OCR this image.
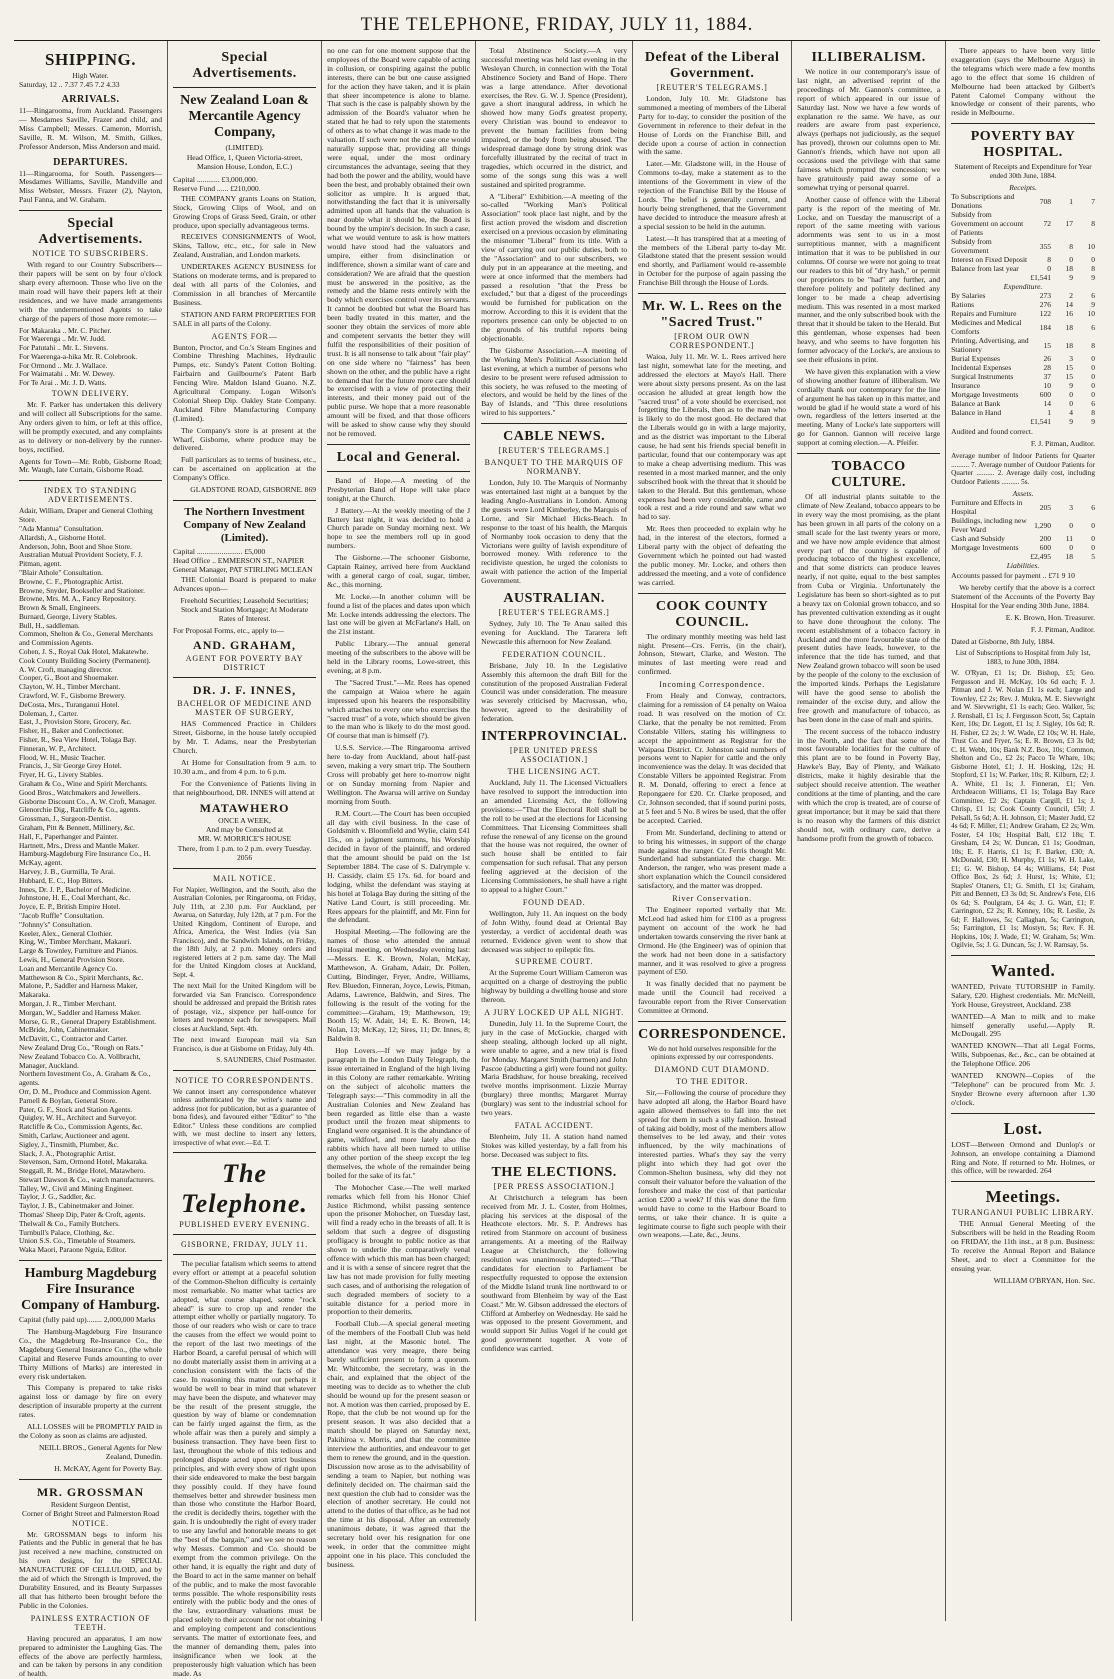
THE TELEPHONE, FRIDAY, JULY 11, 1884.
SHIPPING.
High Water.
Saturday, 12 .. 7.37 7.45 7.2 4.33
ARRIVALS.

11—Ringarooma, from Auckland. Passengers — Mesdames Saville, Frazer and child, and Miss Campbell; Messrs. Cameron, Morrish, Saville, R. M. Wilson, M. Smith, Gilkes, Professor Anderson, Miss Anderson and maid.

DEPARTURES.

11—Ringarooma, for South. Passengers—Mesdames Williams, Saville, Mandville and Miss Webster, Messrs. Frazer (2), Nayton, Paul Fanna, and W. Graham.

Special Advertisements.
NOTICE TO SUBSCRIBERS.

With regard to our Country Subscribers—their papers will be sent on by four o'clock sharp every afternoon. Those who live on the main road will have their papers left at their residences, and we have made arrangements with the undermentioned Agents to take charge of the papers of those more remote:—

For Makaraka .. Mr. C. Pitcher.
For Waerenga .. Mr. W. Judd.
For Patutahi .. Mr. L. Stevens.
For Waerenga-a-hika Mr. R. Colebrook.
For Ormond .. Mr. J. Wallace.
For Waimatahi .. Mr. W. Dewey.
For Te Arai .. Mr. J. D. Watts.
TOWN DELIVERY.

Mr. F. Parker has undertaken this delivery and will collect all Subscriptions for the same. Any orders given to him, or left at this office, will be promptly executed, and any complaints as to delivery or non-delivery by the runner-boys, rectified.

Agents for Town—Mr. Robb, Gisborne Road; Mr. Waugh, late Curtain, Gisborne Road.

INDEX TO STANDING ADVERTISEMENTS.
Adair, William, Draper and General Clothing Store.
"Ada Mantua" Consultation.
Allardsh, A., Gisborne Hotel.
Anderson, John, Boot and Shoe Store.
Australian Mutual Provident Society, F. J. Pitman, agent.
"Blair Athole" Consultation.
Browne, C. F., Photographic Artist.
Browne, Snyder, Bookseller and Stationer.
Browne, Mrs. M. A., Fancy Repository.
Brown & Small, Engineers.
Burnard, George, Livery Stables.
Bull, H., saddleman.
Common, Shelton & Co., General Merchants and Commission Agents.
Cohen, J. S., Royal Oak Hotel, Makatewhe.
Cook County Building Society (Permanent).
A. W. Croft, managing director.
Cooper, G., Boot and Shoemaker.
Clayton, W. H., Timber Merchant.
Crawford, W. F., Gisborne Brewery.
DeCosta, Mrs., Turanganui Hotel.
Doleman, J., Carter.
East, J., Provision Store, Grocery, &c.
Fisher, H., Baker and Confectioner.
Fisher, R., Sea View Hotel, Tolaga Bay.
Finneran, W. P., Architect.
Flood, W. H., Music Teacher.
Francis, J., Sir George Grey Hotel.
Fryer, H. G., Livery Stables.
Graham & Co., Wine and Spirit Merchants.
Good Bros., Watchmakers and Jewellers.
Gisborne Discount Co., A. W. Croft, Manager.
Glenorchie Dig., Ratcliffe & Co., agents.
Grossman, J., Surgeon-Dentist.
Graham, Pitt & Bennett, Millinery, &c.
Hall, F., Paperhanger and Painter.
Hartnett, Mrs., Dress and Mantle Maker.
Hamburg-Magdeburg Fire Insurance Co., H. McKay, agent.
Harvey, J. B., Gurmilla, Te Arai.
Hubbard, E. C., Hop Bitters.
Innes, Dr. J. P., Bachelor of Medicine.
Johnstone, H. E., Coal Merchant, &c.
Joyce, E. P., British Empire Hotel.
"Jacob Ruffle" Consultation.
"Johnny's" Consultation.
Keeler, Alex., General Clothier.
King, W., Timber Merchant, Makauri.
Large & Townley, Furniture and Pianos.
Lewis, H., General Provision Store.
Loan and Mercantile Agency Co.
Matthewson & Co., Spirit Merchants, &c.
Malone, P., Saddler and Harness Maker, Makaraka.
Morgan, J. R., Timber Merchant.
Morgan, W., Saddler and Harness Maker.
Morse, G. R., General Drapery Establishment.
McBride, John, Cabinetmaker.
McDavitt, C., Contractor and Carter.
New Zealand Drug Co., "Rough on Rats."
New Zealand Tobacco Co. A. Vollbracht, Manager, Auckland.
Northern Investment Co., A. Graham & Co., agents.
Orr, D. M., Produce and Commission Agent.
Parnell & Boylan, General Store.
Pater, G. F., Stock and Station Agents.
Quigley, W. H., Architect and Surveyor.
Ratcliffe & Co., Commission Agents, &c.
Smith, Carlaw, Auctioneer and agent.
Sigley, J., Tinsmith, Plumber, &c.
Slack, J. A., Photographic Artist.
Stevenson, Sam, Ormond Hotel, Makaraka.
Steggall, R. M., Bridge Hotel, Matawhero.
Stewart Dawson & Co., watch manufacturers.
Talley, W., Civil and Mining Engineer.
Taylor, J. G., Saddler, &c.
Taylor, J. B., Cabinetmaker and Joiner.
Thomas' Sheep Dip, Pater & Croft, agents.
Thelwall & Co., Family Butchers.
Turnbull's Palace, Clothing, &c.
Union S.S. Co., Timetable of Steamers.
Waka Maori, Paraone Nguia, Editor.
Hamburg Magdeburg Fire Insurance Company of Hamburg.

Capital (fully paid up)........ 2,000,000 Marks

The Hamburg-Magdeburg Fire Insurance Co., the Magdeburg Re-Insurance Co., the Magdeburg General Insurance Co., (the whole Capital and Reserve Funds amounting to over Thirty Millions of Marks) are interested in every risk undertaken.

This Company is prepared to take risks against loss or damage by fire on every description of insurable property at the current rates.

ALL LOSSES will be PROMPTLY PAID in the Colony as soon as claims are adjusted.

NEILL BROS., General Agents for New Zealand, Dunedin.

H. McKAY, Agent for Poverty Bay.

MR. GROSSMAN
Resident Surgeon Dentist,
Corner of Bright Street and Palmerston Road
NOTICE.

Mr. GROSSMAN begs to inform his Patients and the Public in general that he has just received a new machine, constructed on his own designs, for the SPECIAL MANUFACTURE OF CELLULOID, and by the aid of which the Strength is Improved, the Durability Ensured, and its Beauty Surpasses all that has hitherto been brought before the Public in the Colonies.

PAINLESS EXTRACTION OF TEETH.

Having procured an apparatus, I am now prepared to administer the Laughing Gas. The effects of the above are perfectly harmless, and can be taken by persons in any condition of health.

Special Advertisements.
New Zealand Loan & Mercantile Agency Company,
(LIMITED).

Head Office, 1, Queen Victoria-street, Mansion House, London, E.C.)

Capital ............ £3,000,000.
Reserve Fund ...... £210,000.

THE COMPANY grants Loans on Station, Stock, Growing Clips of Wool, and on Growing Crops of Grass Seed, Grain, or other produce, upon specially advantageous terms.

RECEIVES CONSIGNMENTS of Wool, Skins, Tallow, etc., etc., for sale in New Zealand, Australian, and London markets.

UNDERTAKES AGENCY BUSINESS for Stations on moderate terms, and is prepared to deal with all parts of the Colonies, and Commission in all branches of Mercantile Business.

STATION AND FARM PROPERTIES FOR SALE in all parts of the Colony.

AGENTS FOR—

Bunton, Proctor, and Co.'s Steam Engines and Combine Threshing Machines, Hydraulic Pumps, etc. Sundy's Patent Cotton Bolting. Fairbairn and Guilbourne's Patent Barb Fencing Wire. Maldon Island Guano. N.Z. Agricultural Company. Logan Wilson's Colonial Sheep Dip. Oakley State Company. Auckland Fibre Manufacturing Company (Limited).

The Company's store is at present at the Wharf, Gisborne, where produce may be delivered.

Full particulars as to terms of business, etc., can be ascertained on application at the Company's Office.

GLADSTONE ROAD, GISBORNE. 869

The Northern Investment Company of New Zealand (Limited).
Capital ........................ £5,000
Head Office .. EMMERSON ST., NAPIER
General Manager, PAT STIRLING MCLEAN

THE Colonial Board is prepared to make Advances upon—

Freehold Securities; Leasehold Securities; Stock and Station Mortgage; At Moderate Rates of Interest.

For Proposal Forms, etc., apply to—

AND. GRAHAM,
AGENT FOR POVERTY BAY DISTRICT
DR. J. F. INNES,
BACHELOR OF MEDICINE AND MASTER OF SURGERY,

HAS Commenced Practice in Childers Street, Gisborne, in the house lately occupied by Mr. T. Adams, near the Presbyterian Church.

At Home for Consultation from 9 a.m. to 10.30 a.m., and from 4 p.m. to 6 p.m.

For the Convenience of Patients living in that neighbourhood, DR. INNES will attend at

MATAWHERO
ONCE A WEEK,
And may be Consulted at
MR. W. MORRICE'S HOUSE

There, from 1 p.m. to 2 p.m. every Tuesday. 2056

MAIL NOTICE.

For Napier, Wellington, and the South, also the Australian Colonies, per Ringarooma, on Friday, July 11th, at 2.30 p.m. For Auckland, per Awarua, on Saturday, July 12th, at 7 p.m. For the United Kingdom, Continent of Europe, and Africa, America, the West Indies (via San Francisco), and the Sandwich Islands, on Friday, the 18th July, at 2 p.m. Money orders and registered letters at 2 p.m. same day. The Mail for the United Kingdom closes at Auckland, Sept. 4.

The next Mail for the United Kingdom will be forwarded via San Francisco. Correspondence should be addressed and prepaid the British rates of postage, viz., sixpence per half-ounce for letters and twopence each for newspapers. Mail closes at Auckland, Sept. 4th.

The next inward European mail via San Francisco, is due at Gisborne on Friday, July 4th.

S. SAUNDERS, Chief Postmaster.

NOTICE TO CORRESPONDENTS.

We cannot insert any correspondence whatever unless authenticated by the writer's name and address (not for publication, but as a guarantee of bona fides), and favoured either "Editor" to "the Editor." Unless these conditions are complied with, we must decline to insert any letters, irrespective of what ever.—Ed. T.

The Telephone.
PUBLISHED EVERY EVENING.
GISBORNE, FRIDAY, JULY 11.

The peculiar fatalism which seems to attend every effort or attempt at a peaceful solution of the Common-Shelton difficulty is certainly most remarkable. No matter what tactics are adopted, what course shaped, some "rock ahead" is sure to crop up and render the attempt either wholly or partially nugatory. To those of our readers who wish or care to trace the causes from the effect we would point to the report of the last two meetings of the Harbor Board, a careful perusal of which will no doubt materially assist them in arriving at a conclusion consistent with the facts of the case. In reasoning this matter out perhaps it would be well to bear in mind that whatever may have been the dispute, and whatever may be the result of the present struggle, the question by way of blame or condemnation can be fairly urged against the firm, as the whole affair was then a purely and simply a business transaction. They have been first to last, throughout the whole of this tedious and prolonged dispute acted upon strict business principles, and with every show of right upon their side endeavored to make the best bargain they possibly could. If they have found themselves better and shrewder business men than those who constitute the Harbor Board, the credit is decidedly theirs, together with the gain. It is undoubtedly the right of every trader to use any lawful and honorable means to get the "best of the bargain," and we see no reason why Messrs. Common and Co. should be exempt from the common privilege. On the other hand, it is equally the right and duty of the Board to act in the same manner on behalf of the public, and to make the most favorable terms possible. The whole responsibility rests entirely with the public body and the ones of the law, extraordinary valuations must be placed solely to their account for not obtaining and employing competent and conscientious servants. The matter of extortionate fees, and the manner of demanding them, pales into insignificance when we look at the preposterously high valuation which has been made. As

no one can for one moment suppose that the employees of the Board were capable of acting in collusion, or conspiring against the public interests, there can be but one cause assigned for the action they have taken, and it is plain that sheer incompetence is alone to blame. That such is the case is palpably shown by the admission of the Board's valuator when he stated that he had to rely upon the statements of others as to what change it was made to the valuation. If such were not the case one would naturally suppose that, providing all things were equal, under the most ordinary circumstances the advantage, seeing that they had both the power and the ability, would have been the best, and probably obtained their own solicitor as umpire. It is argued that, notwithstanding the fact that it is universally admitted upon all hands that the valuation is near double what it should be, the Board is bound by the umpire's decision. In such a case, what we would venture to ask is how matters would have stood had the valuators and umpire, either from disinclination or indifference, shown a similar want of care and consideration? We are afraid that the question must be answered in the positive, as the remedy and the blame rests entirely with the body which exercises control over its servants. It cannot be doubted but what the Board has been badly treated in this matter, and the sooner they obtain the services of more able and competent servants the better they will fulfil the responsibilities of their position of trust. It is all nonsense to talk about "fair play" on one side where no "fairness" has been shown on the other, and the public have a right to demand that for the future more care should be exercised with a view of protecting their interests, and their money paid out of the public purse. We hope that a more reasonable amount will be fixed, and that those officers will be asked to show cause why they should not be removed.

Local and General.

Band of Hope.—A meeting of the Presbyterian Band of Hope will take place tonight, at the Church.

J Battery.—At the weekly meeting of the J Battery last night, it was decided to hold a Church parade on Sunday morning next. We hope to see the members roll up in good numbers.

The Gisborne.—The schooner Gisborne, Captain Rainey, arrived here from Auckland with a general cargo of coal, sugar, timber, &c., this morning.

Mr. Locke.—In another column will be found a list of the places and dates upon which Mr. Locke intends addressing the electors. The last one will be given at McFarlane's Hall, on the 21st instant.

Public Library.—The annual general meeting of the subscribers to the above will be held in the Library rooms, Lowe-street, this evening, at 8 p.m.

The "Sacred Trust."—Mr. Rees has opened the campaign at Waioa where he again impressed upon his hearers the responsibility which attaches to every one who exercises the "sacred trust" of a vote, which should be given to the man who is likely to do the most good. Of course that man is himself (?).

U.S.S. Service.—The Ringarooma arrived here to-day from Auckland, about half-past seven, making a very smart trip. The Southern Cross will probably get here to-morrow night or on Sunday morning from Napier and Wellington. The Awarua will arrive on Sunday morning from South.

R.M. Court.—The Court has been occupied all day with civil business. In the case of Goldsmith v. Bloomfield and Wylie, claim £41 15s., on a judgment summons, his Worship decided in favor of the plaintiff, and ordered that the amount should be paid on the 1st September 1884. The case of S. Dalrymple v. H. Cassidy, claim £5 17s. 6d. for board and lodging, whilst the defendant was staying at his hotel at Tolaga Bay during the sitting of the Native Land Court, is still proceeding. Mr. Rees appears for the plaintiff, and Mr. Finn for the defendant.

Hospital Meeting.—The following are the names of those who attended the annual Hospital meeting, on Wednesday evening last:—Messrs. E. K. Brown, Nolan, McKay, Matthewson, A. Graham, Adair, Dr. Pollen, Cutting, Bindinger, Fryer, Andre, Williams, Rev. Bluedon, Finneran, Joyce, Lewis, Pitman, Adams, Lawrence, Baldwin, and Sires. The following is the result of the voting for the committee:—Graham, 19; Matthewson, 19; Booth 15; W. Adair, 14; E. K. Brown, 14; Nolan, 13; McKay, 12; Sires, 11; Dr. Innes, 8; Baldwin 8.

Hop Lovers.—If we may judge by a paragraph in the London Daily Telegraph, the issue entertained in England of the high living in this Colony are rather remarkable. Writing on the subject of alcoholic matters the Telegraph says:—"This commodity in all the Australian Colonies and New Zealand has been regarded as little else than a waste product until the frozen meat shipments to England were organised. It is the abundance of game, wildfowl, and more lately also the rabbits which have all been turned to utilise any other portion of the sheep except the leg themselves, the whole of the remainder being boiled for the sake of its fat."

The Mohocher Case.—The well marked remarks which fell from his Honor Chief Justice Richmond, whilst passing sentence upon the prisoner Mohocher, on Tuesday last, will find a ready echo in the breasts of all. It is seldom that such a degree of disgusting profligacy is brought to public notice as that shown to underlie the comparatively venal offence with which this man has been charged; and it is with a sense of sincere regret that the law has not made provision for fully meeting such cases, and of authorising the relegation of such degraded members of society to a suitable distance for a period more in proportion to their demerits.

Football Club.—A special general meeting of the members of the Football Club was held last night, at the Masonic hotel. The attendance was very meagre, there being barely sufficient present to form a quorum. Mr. Whitcombe, the secretary, was in the chair, and explained that the object of the meeting was to decide as to whether the club should be wound up for the present season or not. A motion was then carried, proposed by E. Rope, that the club be not wound up for the present season. It was also decided that a match should be played on Saturday next, Pakihiroa v. Morris, and that the committee interview the authorities, and endeavour to get them to renew the ground, and in the question. Discussion now arose as to the advisability of sending a team to Napier, but nothing was definitely decided on. The chairman said the next question the club had to consider was the election of another secretary. He could not attend to the duties of that office, as he had not the time at his disposal. After an extremely unanimous debate, it was agreed that the secretary hold over his resignation for one week, in order that the committee might appoint one in his place. This concluded the business.

Total Abstinence Society.—A very successful meeting was held last evening in the Wesleyan Church, in connection with the Total Abstinence Society and Band of Hope. There was a large attendance. After devotional exercises, the Rev. G. W. J. Spence (President), gave a short inaugural address, in which he showed how many God's greatest property, every Christian was bound to endeavor to prevent the human facilities from being impaired, or the body from being abused. The widespread damage done by strong drink was forcefully illustrated by the recital of tract in tragedies, which occurred in the district, and some of the songs sung this was a well sustained and spirited programme.

A "Liberal" Exhibition.—A meeting of the so-called "Working Man's Political Association" took place last night, and by the first action proved the wisdom and discretion exercised on a previous occasion by eliminating the misnomer "Liberal" from its title. With a view of carrying out our public duties, both to the "Association" and to our subscribers, we duly put in an appearance at the meeting, and were at once informed that the members had passed a resolution "that the Press be excluded," but that a digest of the proceedings would be furnished for publication on the morrow. According to this it is evident that the reporters presence can only be objected to on the grounds of his truthful reports being objectionable.

The Gisborne Association.—A meeting of the Working Men's Political Association held last evening, at which a number of persons who desire to be present were refused admission to this society, he was refused to the meeting of electors, and would be held by the lines of the Bay of Islands, and "This three resolutions wired to his supporters."

CABLE NEWS.
[REUTER'S TELEGRAMS.]
BANQUET TO THE MARQUIS OF NORMANBY.

London, July 10. The Marquis of Normanby was entertained last night at a banquet by the leading Anglo-Australians in London. Among the guests were Lord Kimberley, the Marquis of Lorne, and Sir Michael Hicks-Beach. In response to the toast of his health, the Marquis of Normanby took occasion to deny that the Victorians were guilty of lavish expenditure of borrowed money. With reference to the recidiviste question, he urged the colonists to await with patience the action of the Imperial Government.

AUSTRALIAN.
[REUTER'S TELEGRAMS.]

Sydney, July 10. The Te Anau sailed this evening for Auckland. The Tararera left Newcastle this afternoon for New Zealand.

FEDERATION COUNCIL.

Brisbane, July 10. In the Legislative Assembly this afternoon the draft Bill for the constitution of the proposed Australian Federal Council was under consideration. The measure was severely criticised by Macrossan, who, however, agreed to the desirability of federation.

INTERPROVINCIAL.
[PER UNITED PRESS ASSOCIATION.]
THE LICENSING ACT.

Auckland, July 11. The Licensed Victuallers have resolved to support the introduction into an amended Licensing Act, the following provisions:—"That the Electoral Roll shall be the roll to be used at the elections for Licensing Committees. That Licensing Committees shall refuse the renewal of any license on the ground that the house was not required, the owner of such house shall be entitled to fair compensation for such refusal. That any person feeling aggrieved at the decision of the Licensing Commissioners, he shall have a right to appeal to a higher Court."

FOUND DEAD.

Wellington, July 11. An inquest on the body of John Withy, found dead at Oriental Bay yesterday, a verdict of accidental death was returned. Evidence given went to show that deceased was subject to epileptic fits.

SUPREME COURT.

At the Supreme Court William Cameron was acquitted on a charge of destroying the public highway by building a dwelling house and store thereon.

A JURY LOCKED UP ALL NIGHT.

Dunedin, July 11. In the Supreme Court, the jury in the case of McGuckie, charged with sheep stealing, although locked up all night, were unable to agree, and a new trial is fixed for Monday. Margaret Smith (barmen) and John Pascoe (abducting a girl) were found not guilty. Maria Bradshaw, for house breaking, received twelve months imprisonment. Lizzie Murray (burglary) three months; Margaret Murray (burglary) was sent to the industrial school for two years.

FATAL ACCIDENT.

Blenheim, July 11. A station hand named Stokes was killed yesterday, by a fall from his horse. Deceased was subject to fits.

THE ELECTIONS.
[PER PRESS ASSOCIATION.]

At Christchurch a telegram has been received from Mr. J. L. Coster, from Holmes, placing his services at the disposal of the Heathcote electors. Mr. S. P. Andrews has retired from Stanmore on account of business arrangements. At a meeting of the Railway League at Christchurch, the following resolution was unanimously adopted:—"That candidates for election to Parliament be respectfully requested to oppose the extension of the Middle Island trunk line northward to or southward from Blenheim by way of the East Coast." Mr. W. Gibson addressed the electors of Clifford at Amberley on Wednesday. He said he was opposed to the present Government, and would support Sir Julius Vogel if he could get good government together. A vote of confidence was carried.

Defeat of the Liberal Government.
[REUTER'S TELEGRAMS.]

London, July 10. Mr. Gladstone has summoned a meeting of members of the Liberal Party for to-day, to consider the position of the Government in reference to their defeat in the House of Lords on the Franchise Bill, and decide upon a course of action in connection with the same.

Later.—Mr. Gladstone will, in the House of Commons to-day, make a statement as to the intentions of the Government in view of the rejection of the Franchise Bill by the House of Lords. The belief is generally current, and hourly being strengthened, that the Government have decided to introduce the measure afresh at a special session to be held in the autumn.

Latest.—It has transpired that at a meeting of the members of the Liberal party to-day Mr. Gladstone stated that the present session would end shortly, and Parliament would re-assemble in October for the purpose of again passing the Franchise Bill through the House of Lords.

Mr. W. L. Rees on the "Sacred Trust."
[FROM OUR OWN CORRESPONDENT.]

Waioa, July 11. Mr. W. L. Rees arrived here last night, somewhat late for the meeting, and addressed the electors at Mayo's Hall. There were about sixty persons present. As on the last occasion he alluded at great length how the "sacred trust" of a vote should be exercised, not forgetting the Liberals, then as to the man who is likely to do the most good. He declared that the Liberals would go in with a large majority, and as the district was important to the Liberal cause, he had sent his friends special benefit in particular, found that our contemporary was apt to make a cheap advertising medium. This was resented in a most marked manner, and the only subscribed book with the threat that it should be taken to the Herald. But this gentleman, whose expenses had been very considerable, came and took a rest and a ride round and saw what we had to say.

Mr. Rees then proceeded to explain why he had, in the interest of the electors, formed a Liberal party with the object of defeating the Government which he pointed out had wasted the public money. Mr. Locke, and others then addressed the meeting, and a vote of confidence was carried.

COOK COUNTY COUNCIL.

The ordinary monthly meeting was held last night. Present—Crs. Ferris, (in the chair), Johnson, Stewart, Clarke, and Weston. The minutes of last meeting were read and confirmed.

Incoming Correspondence.

From Healy and Conway, contractors, claiming for a remission of £4 penalty on Waioa road. It was resolved on the motion of Cr. Clarke, that the penalty be not remitted. From Constable Villers, stating his willingness to accept the appointment as Registrar for the Waipaoa District. Cr. Johnston said numbers of persons went to Napier for cattle and the only inconvenience was the delay. It was decided that Constable Villers be appointed Registrar. From R. M. Donald, offering to erect a fence at Repongaere for £20. Cr. Clarke proposed, and Cr. Johnson seconded, that if sound purini posts, at 5 feet and 5 No. 8 wires be used, that the offer be accepted. Carried.

From Mr. Sunderland, declining to attend or to bring his witnesses, in support of the charge made against the ranger. Cr. Ferris thought Mr. Sunderland had substantiated the charge. Mr. Anderson, the ranger, who was present made a short explanation which the Council considered satisfactory, and the matter was dropped.

River Conservation.

The Engineer reported verbally that Mr. McLeod had asked him for £100 as a progress payment on account of the work he had undertaken towards conserving the river bank at Ormond. He (the Engineer) was of opinion that the work had not been done in a satisfactory manner, and it was resolved to give a progress payment of £50.

It was finally decided that no payment be made until the Council had received a favourable report from the River Conservation Committee at Ormond.

CORRESPONDENCE.

We do not hold ourselves responsible for the opinions expressed by our correspondents.

DIAMOND CUT DIAMOND.
TO THE EDITOR.

Sir,—Following the course of procedure they have adopted all along, the Harbor Board have again allowed themselves to fall into the net spread for them in such a silly fashion. Instead of taking aid boldly, most of the members allow themselves to be led away, and their votes influenced, by the wily machinations of interested parties. What's they say the verry plight into which they had got over the Common-Shelton business, why did they not consult their valuator before the valuation of the foreshore and make the cost of that particular action £200 a week? If this was done the firm would have to come to the Harbour Board to terms, or take their chance. It is quite a legitimate course to fight such people with their own weapons.—Late, &c., Jeuns.

ILLIBERALISM.

We notice in our contemporary's issue of last night, an advertised reprint of the proceedings of Mr. Gannon's committee, a report of which appeared in our issue of Saturday last. Now we have a few words of explanation re the same. We have, as our readers are aware from past experience, always (perhaps not judiciously, as the sequel has proved), thrown our columns open to Mr. Gannon's friends, which have not upon all occasions used the privilege with that same fairness which prompted the concession; we have gratuitously paid away some of a somewhat trying or personal quarrel.

Another cause of offence with the Liberal party is the report of the meeting of Mr. Locke, and on Tuesday the manuscript of a report of the same meeting with various adornments was sent to us in a most surreptitious manner, with a magnificent intimation that it was to be published in our columns. Of course we were not going to treat our readers to this bit of "dry hash," or permit our proprietors to be "had" any further, and therefore politely and politely declined any longer to be made a cheap advertising medium. This was resented in a most marked manner, and the only subscribed book with the threat that it should be taken to the Herald. But this gentleman, whose expenses had been heavy, and who seems to have forgotten his former advocacy of the Locke's, are anxious to see their effusions in print.

We have given this explanation with a view of showing another feature of illiberalism. We cordially thank our contemporary for the line of argument he has taken up in this matter, and would be glad if he would state a word of his own, regardless of the letters inserted at the meeting. Many of Locke's late supporters will go for Gannon. Gannon will receive large support at coming election.—A. Pfeifer.

TOBACCO CULTURE.

Of all industrial plants suitable to the climate of New Zealand, tobacco appears to be in every way the most promising, as the plant has been grown in all parts of the colony on a small scale for the last twenty years or more, and we have now ample evidence that almost every part of the country is capable of producing tobacco of the highest excellence, and that some districts can produce leaves nearly, if not quite, equal to the best samples from Cuba or Virginia. Unfortunately the Legislature has been so short-sighted as to put a heavy tax on Colonial grown tobacco, and so has prevented cultivation extending as it ought to have done throughout the colony. The recent establishment of a tobacco factory in Auckland and the more favourable state of the present duties have leads, however, to the inference that the tide has turned, and that New Zealand grown tobacco will soon be used by the people of the colony to the exclusion of the imported kinds. Perhaps the Legislature will have the good sense to abolish the remainder of the excise duty, and allow the free growth and manufacture of tobacco, as has been done in the case of malt and spirits.

The recent success of the tobacco industry in the North, and the fact that some of the most favourable localities for the culture of this plant are to be found in Poverty Bay, Hawke's Bay, Bay of Plenty, and Waikato districts, make it highly desirable that the subject should receive attention. The weather conditions at the time of planting, and the care with which the crop is treated, are of course of great importance; but it may be said that there is no reason why the farmers of this district should not, with ordinary care, derive a handsome profit from the growth of tobacco.

There appears to have been very little exaggeration (says the Melbourne Argus) in the telegrams which were made a few months ago to the effect that some 16 children of Melbourne had been attacked by Gilbert's Patent Calomel Company without the knowledge or consent of their parents, who reside in Melbourne.

POVERTY BAY HOSPITAL.

Statement of Receipts and Expenditure for Year ended 30th June, 1884.

Receipts.
To Subscriptions and Donations	708	1	7
Subsidy from Government on account of Patients	72	17	8
Subsidy from Government	355	8	10
Interest on Fixed Deposit	8	0	0
Balance from last year	0	18	8
	£1,541	9	9
Expenditure.
By Salaries	273	2	6
Rations	276	14	9
Repairs and Furniture	122	16	10
Medicines and Medical Comforts	184	18	6
Printing, Advertising, and Stationery	15	18	8
Burial Expenses	26	3	0
Incidental Expenses	28	15	0
Surgical Instruments	37	15	0
Insurance	10	9	0
Mortgage Investments	600	0	0
Balance at Bank	14	0	6
Balance in Hand	1	4	8
	£1,541	9	9

Audited and found correct.

F. J. Pitman, Auditor.

Average number of Indoor Patients for Quarter .......... 7. Average number of Outdoor Patients for Quarter .......... 2. Average daily cost, including Outdoor Patients .......... 5s.

Assets.
Furniture and Effects in Hospital	205	3	6
Buildings, including new Fever Ward	1,290	0	0
Cash and Subsidy	200	11	0
Mortgage Investments	600	0	0
	£2,495	18	5
Liabilities.

Accounts passed for payment .. £71 9 10

We hereby certify that the above is a correct Statement of the Accounts of the Poverty Bay Hospital for the Year ending 30th June, 1884.

E. K. Brown, Hon. Treasurer.

F. J. Pitman, Auditor.

Dated at Gisborne, 8th July, 1884.

List of Subscriptions to Hospital from July 1st, 1883, to June 30th, 1884.

W. O'Ryan, £1 1s; Dr. Bishop, £5; Geo. Fergusson and H. McKay, 10s 6d each; F. J. Pitman and J. W. Nolan £1 1s each; Large and Townley, £2 2s; Rev. J. Mukra, M. E. Sievwright and W. Sievwright, £1 1s each; Geo. Walker, 5s; J. Renshall, £1 1s; J. Fergusson Scott, 5s; Captain Kerr, 10s; Dr. Legott, £1 1s; J. Sigley, 10s 6d; R. H. Fisher, £2 2s; J. W. Wade, £2 10s; W. H. Hale, Trust Co. and Fryer, 5s; E. R. Brown, £3 3s 0d; C. H. Webb, 10s; Bank N.Z. Box, 10s; Common, Shelton and Co., £2 2s; Pacco Te Whare, 10s; Gisborne Hotel, £1; J. H. Hosking, 12s; H. Stopford, £1 1s; W. Parker, 10s; R. Kilburn, £2; J. A. White, £1 1s; J. Finneran, £1; Ven. Archdeacon Williams, £1 1s; Tolaga Bay Race Committee, £2 2s; Captain Cargill, £1 1s; J. Chrisp, £1 1s; Cook County Council, £50; J. Pelsall, 5s 6d; A. H. Johnson, £1; Master Judd, £2 4s 6d; F. Miller, £1; Andrew Graham, £2 2s; Wm. Foster, £4 10s; Hospital Ball, £12 18s; T. Gresham, £4 2s; W. Duncan, £1 1s; Goodman, 10s; E. F. Harris, £1 1s; F. Barker, £30; A. McDonald, £30; H. Murphy, £1 1s; W. H. Lake, £1; G. W. Bishop, £4 4s; Williams, £4; Post Office Box, 2s 6d; J. Hurst, 1s; White, £1; Staples' Otaners, £1; G. Smith, £1 1s; Graham, Pitt and Bennett, £3 3s 0d; St. Andrew's Fete, £16 0s 6d; S. Poulgram, £4 4s; J. G. Watt, £1; F. Carrington, £2 2s; R. Kenney, 10s; R. Leslie, 2s 6d; F. Hallowes, 5s; Callaghan, 5s; Carrington, 5s; Farrington, £1 1s; Mostyn, 5s; Rev. F. H. Hopkins, 10s; J. Wade, £1; W. Graham, 5s; Wm. Ogilvie, 5s; J. G. Duncan, 5s; J. W. Ramsay, 5s.

Wanted.

WANTED, Private TUTORSHIP in Family. Salary, £20. Highest credentials. Mr. McNeill, York House, Greystreet, Auckland. 238

WANTED—A Man to milk and to make himself generally useful.—Apply R. McDougall. 295

WANTED KNOWN—That all Legal Forms, Wills, Subpoenas, &c., &c., can be obtained at the Telephone Office. 206

WANTED KNOWN—Copies of the "Telephone" can be procured from Mr. J. Snyder Browne every afternoon after 1.30 o'clock.

Lost.

LOST—Between Ormond and Dunlop's or Johnson, an envelope containing a Diamond Ring and Note. If returned to Mr. Holmes, or this office, will be rewarded. 264

Meetings.
TURANGANUI PUBLIC LIBRARY.

THE Annual General Meeting of the Subscribers will be held in the Reading Room on FRIDAY, the 11th inst., at 8 p.m. Business: To receive the Annual Report and Balance Sheet, and to elect a Committee for the ensuing year.

WILLIAM O'BRYAN, Hon. Sec.
